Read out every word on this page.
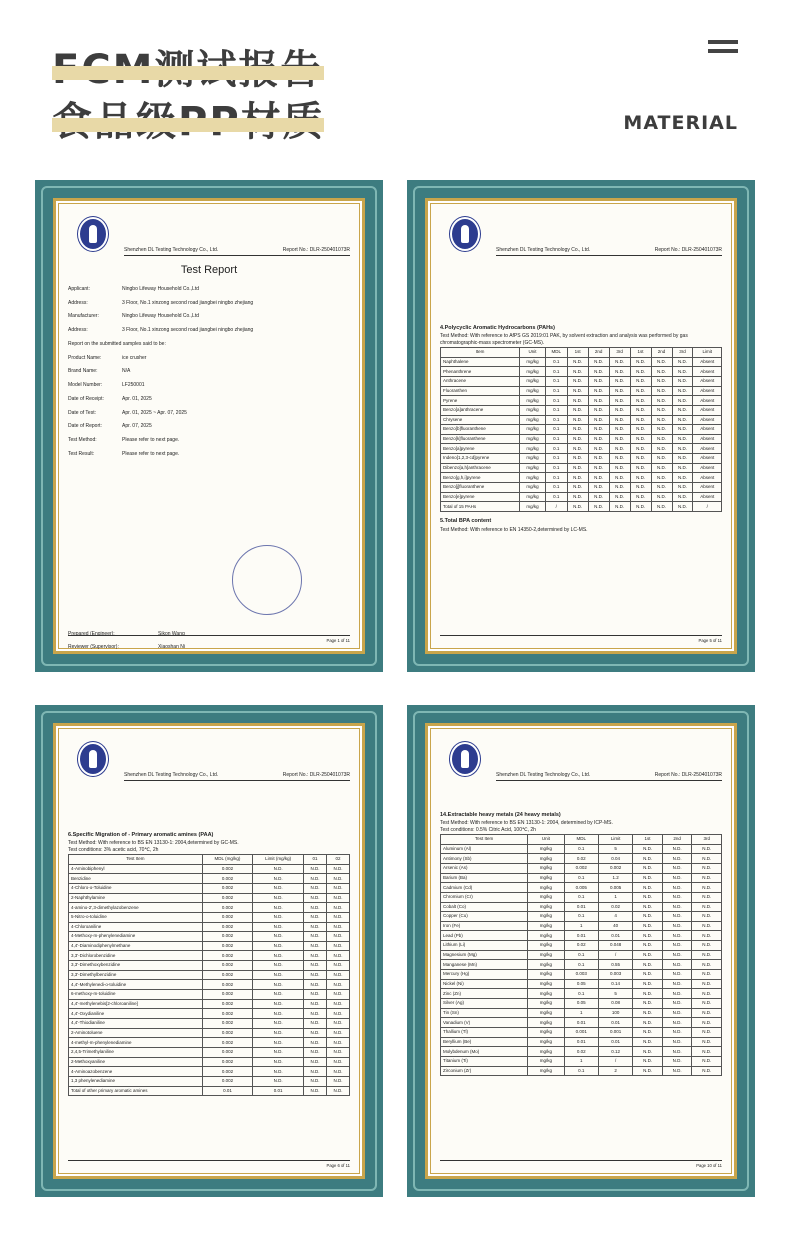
MATERIAL
Shenzhen DL Testing Technology Co., Ltd.	Report No.: DLR-250401073R
Test Report
Applicant:	Ningbo Lifeway Household Co.,Ltd
Address:	3 Floor, No.1 xinzong second road jiangbei ningbo zhejiang
Manufacturer:	Ningbo Lifeway Household Co.,Ltd
Address:	3 Floor, No.1 xinzong second road jiangbei ningbo zhejiang
Report on the submitted samples said to be:
Product Name:	ice crusher
Brand Name:	N/A
Model Number:	LF250001
Date of Receipt:	Apr. 01, 2025
Date of Test:	Apr. 01, 2025 ~ Apr. 07, 2025
Date of Report:	Apr. 07, 2025
Test Method:	Please refer to next page.
Test Result:	Please refer to next page.
Prepared (Engineer):	Sikon Wang
Reviewer (Supervisor):	Xiaoshan Ni
Page 1 of 11
Shenzhen DL Testing Technology Co., Ltd.	Report No.: DLR-250401073R
4.Polycyclic Aromatic Hydrocarbons (PAHs)
Test Method: With reference to AfPS GS 2019:01 PAK, by solvent extraction and analysis was performed by gas chromatographic-mass spectrometer (GC-MS).
Item	Unit	MDL	1st	2nd	3rd	1st	2nd	3rd	Limit
Naphthalene	mg/kg	0.1	N.D.	N.D.	N.D.	N.D.	N.D.	N.D.	Absent
Phenanthrene	mg/kg	0.1	N.D.	N.D.	N.D.	N.D.	N.D.	N.D.	Absent
Anthracene	mg/kg	0.1	N.D.	N.D.	N.D.	N.D.	N.D.	N.D.	Absent
Fluoranthen	mg/kg	0.1	N.D.	N.D.	N.D.	N.D.	N.D.	N.D.	Absent
Pyrene	mg/kg	0.1	N.D.	N.D.	N.D.	N.D.	N.D.	N.D.	Absent
Benzo[a]anthracene	mg/kg	0.1	N.D.	N.D.	N.D.	N.D.	N.D.	N.D.	Absent
Chrysene	mg/kg	0.1	N.D.	N.D.	N.D.	N.D.	N.D.	N.D.	Absent
Benzo[b]fluoranthene	mg/kg	0.1	N.D.	N.D.	N.D.	N.D.	N.D.	N.D.	Absent
Benzo[k]fluoranthene	mg/kg	0.1	N.D.	N.D.	N.D.	N.D.	N.D.	N.D.	Absent
Benzo[a]pyrene	mg/kg	0.1	N.D.	N.D.	N.D.	N.D.	N.D.	N.D.	Absent
Indeno[1,2,3-cd]pyrene	mg/kg	0.1	N.D.	N.D.	N.D.	N.D.	N.D.	N.D.	Absent
Dibenzo[a,h]anthracene	mg/kg	0.1	N.D.	N.D.	N.D.	N.D.	N.D.	N.D.	Absent
Benzo[g,h,i]pyrene	mg/kg	0.1	N.D.	N.D.	N.D.	N.D.	N.D.	N.D.	Absent
Benzo[j]fluoranthene	mg/kg	0.1	N.D.	N.D.	N.D.	N.D.	N.D.	N.D.	Absent
Benzo[e]pyrene	mg/kg	0.1	N.D.	N.D.	N.D.	N.D.	N.D.	N.D.	Absent
Total of 15 PAHs	mg/kg	/	N.D.	N.D.	N.D.	N.D.	N.D.	N.D.	/
5.Total BPA content
Test Method: With reference to EN 14350-2,determined by LC-MS.
Page 5 of 11
Shenzhen DL Testing Technology Co., Ltd.	Report No.: DLR-250401073R
6.Specific Migration of - Primary aromatic amines (PAA)
Test Method: With reference to BS EN 13130-1: 2004,determined by GC-MS.
Test conditions: 3% acetic acid, 70℃, 2h
Test Item	MDL (mg/kg)	Limit (mg/kg)	01	02
4-Aminobiphenyl	0.002	N.D.	N.D.	N.D.
Benzidine	0.002	N.D.	N.D.	N.D.
4-Chloro-o-Toluidine	0.002	N.D.	N.D.	N.D.
2-Naphthylamine	0.002	N.D.	N.D.	N.D.
4-amino-2',3-dimethylazobenzene	0.002	N.D.	N.D.	N.D.
5-Nitro-o-toluidine	0.002	N.D.	N.D.	N.D.
4-Chloroaniline	0.002	N.D.	N.D.	N.D.
4-Methoxy-m-phenylenediamine	0.002	N.D.	N.D.	N.D.
4,4'-Diaminodiphenylmethane	0.002	N.D.	N.D.	N.D.
3,3'-Dichlorobenzidine	0.002	N.D.	N.D.	N.D.
3,3'-Dimethoxybenzidine	0.002	N.D.	N.D.	N.D.
3,3'-Dimethylbenzidine	0.002	N.D.	N.D.	N.D.
4,4'-Methylenedi-o-toluidine	0.002	N.D.	N.D.	N.D.
6-methoxy-m-toluidine	0.002	N.D.	N.D.	N.D.
4,4'-methylenebis[2-chloroaniline]	0.002	N.D.	N.D.	N.D.
4,4'-Oxydianiline	0.002	N.D.	N.D.	N.D.
4,4'-Thiodianiline	0.002	N.D.	N.D.	N.D.
2-Aminotoluene	0.002	N.D.	N.D.	N.D.
4-methyl-m-phenylenediamine	0.002	N.D.	N.D.	N.D.
2,4,5-Trimethylaniline	0.002	N.D.	N.D.	N.D.
2-Methoxyaniline	0.002	N.D.	N.D.	N.D.
4-Aminoazobenzene	0.002	N.D.	N.D.	N.D.
1,3 phenylenediamine	0.002	N.D.	N.D.	N.D.
Total of other primary aromatic amines	0.01	0.01	N.D.	N.D.
Page 6 of 11
Shenzhen DL Testing Technology Co., Ltd.	Report No.: DLR-250401073R
14.Extractable heavy metals (24 heavy metals)
Test Method: With reference to BS EN 13130-1: 2004, determined by ICP-MS.
Test conditions: 0.5% Citric Acid, 100℃, 2h
Test Item	Unit	MDL	Limit	1st	2nd	3rd
Aluminum (Al)	mg/kg	0.1	5	N.D.	N.D.	N.D.
Antimony (Sb)	mg/kg	0.02	0.04	N.D.	N.D.	N.D.
Arsenic (As)	mg/kg	0.002	0.002	N.D.	N.D.	N.D.
Barium (Ba)	mg/kg	0.1	1.2	N.D.	N.D.	N.D.
Cadmium (Cd)	mg/kg	0.005	0.005	N.D.	N.D.	N.D.
Chromium (Cr)	mg/kg	0.1	1	N.D.	N.D.	N.D.
Cobalt (Co)	mg/kg	0.01	0.02	N.D.	N.D.	N.D.
Copper (Cu)	mg/kg	0.1	4	N.D.	N.D.	N.D.
Iron (Fe)	mg/kg	1	40	N.D.	N.D.	N.D.
Lead (Pb)	mg/kg	0.01	0.01	N.D.	N.D.	N.D.
Lithium (Li)	mg/kg	0.02	0.048	N.D.	N.D.	N.D.
Magnesium (Mg)	mg/kg	0.1	/	N.D.	N.D.	N.D.
Manganese (Mn)	mg/kg	0.1	0.55	N.D.	N.D.	N.D.
Mercury (Hg)	mg/kg	0.003	0.003	N.D.	N.D.	N.D.
Nickel (Ni)	mg/kg	0.05	0.14	N.D.	N.D.	N.D.
Zinc (Zn)	mg/kg	0.1	5	N.D.	N.D.	N.D.
Silver (Ag)	mg/kg	0.05	0.08	N.D.	N.D.	N.D.
Tin (Sn)	mg/kg	1	100	N.D.	N.D.	N.D.
Vanadium (V)	mg/kg	0.01	0.01	N.D.	N.D.	N.D.
Thallium (Tl)	mg/kg	0.001	0.001	N.D.	N.D.	N.D.
Beryllium (Be)	mg/kg	0.01	0.01	N.D.	N.D.	N.D.
Molybdenum (Mo)	mg/kg	0.02	0.12	N.D.	N.D.	N.D.
Titanium (Ti)	mg/kg	1	/	N.D.	N.D.	N.D.
Zirconium (Zr)	mg/kg	0.1	2	N.D.	N.D.	N.D.
Page 10 of 11
